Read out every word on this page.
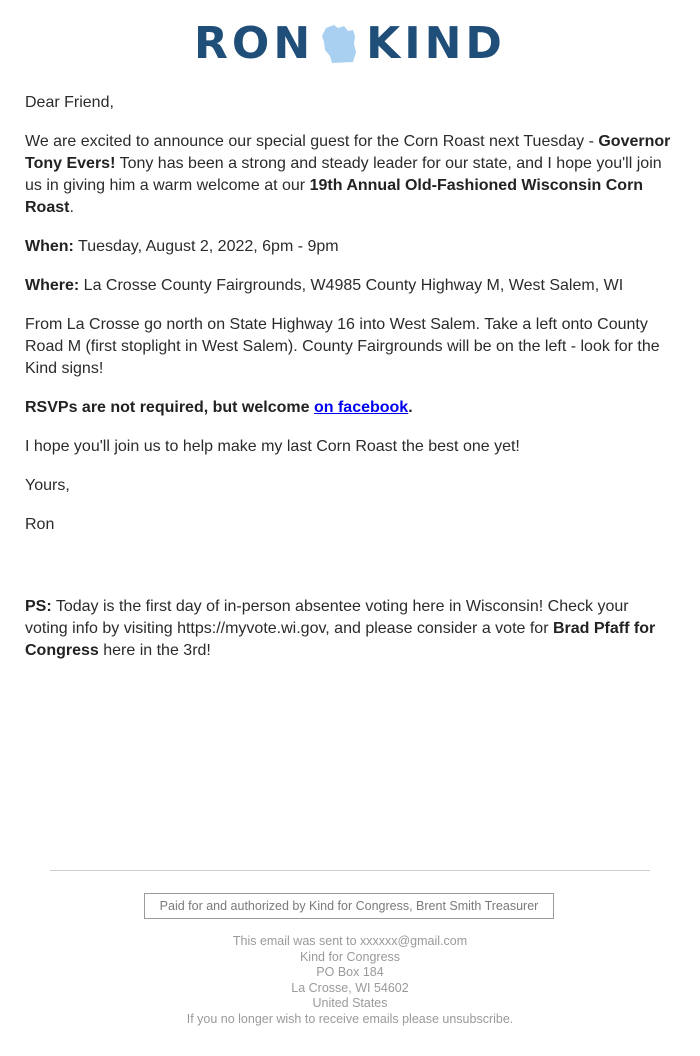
RON KIND

Dear Friend,

We are excited to announce our special guest for the Corn Roast next Tuesday - Governor Tony Evers! Tony has been a strong and steady leader for our state, and I hope you'll join us in giving him a warm welcome at our 19th Annual Old-Fashioned Wisconsin Corn Roast.

When: Tuesday, August 2, 2022, 6pm - 9pm

Where: La Crosse County Fairgrounds, W4985 County Highway M, West Salem, WI

From La Crosse go north on State Highway 16 into West Salem. Take a left onto County Road M (first stoplight in West Salem). County Fairgrounds will be on the left - look for the Kind signs!

RSVPs are not required, but welcome on facebook.

I hope you'll join us to help make my last Corn Roast the best one yet!

Yours,

Ron

PS: Today is the first day of in-person absentee voting here in Wisconsin! Check your voting info by visiting https://myvote.wi.gov, and please consider a vote for Brad Pfaff for Congress here in the 3rd!

Paid for and authorized by Kind for Congress, Brent Smith Treasurer
This email was sent to xxxxxx@gmail.com
Kind for Congress
PO Box 184
La Crosse, WI 54602
United States
If you no longer wish to receive emails please unsubscribe.
